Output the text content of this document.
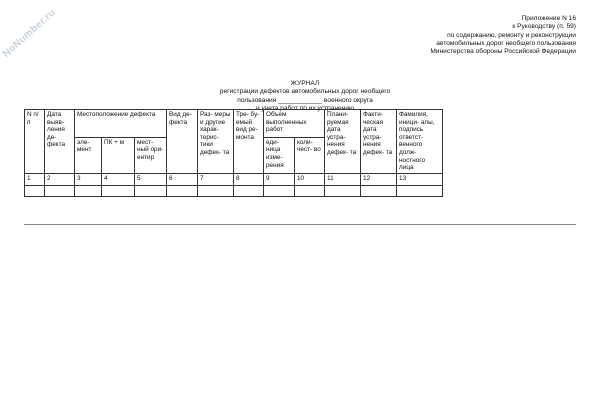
NoNumber.ru	Приложение N 16
к Руководству (п. 59)
по содержанию, ремонту и реконструкции
автомобильных дорог необщего пользования
Министерства обороны Российской Федерации
ЖУРНАЛ
регистрации дефектов автомобильных дорог необщего
пользования ____________ военного округа
и учета работ по их устранению
N п/п	Дата выяв- ления де- фекта	Местоположение дефекта			Вид де- фекта	Раз- меры и другие харак- терис- тики дефек- та	Тре- бу- емый вид ре- монта	Объем выполненных работ		Плани- руемая дата устра- нения дефек- та	Факти- ческая дата устра- нения дефек- та	Фамилия, иници- алы, подпись ответст- венного долж- ностного лица
		эле- мент	ПК + м	мест- ный ори- ентир				еди- ница изме- рения	коли- чест- во			
1	2	3	4	5	6	7	8	9	10	11	12	13
